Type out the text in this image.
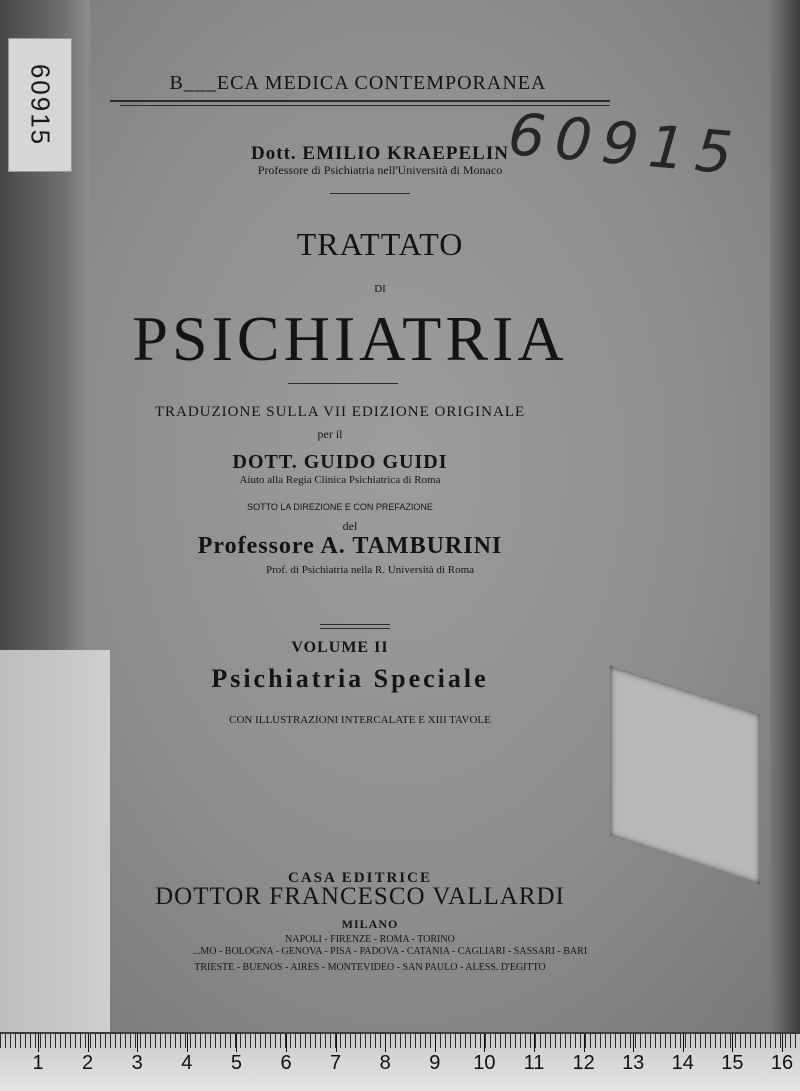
60915	60915
B___ECA MEDICA CONTEMPORANEA
Dott. EMILIO KRAEPELIN
Professore di Psichiatria nell'Università di Monaco
TRATTATO
DI
PSICHIATRIA
TRADUZIONE SULLA VII EDIZIONE ORIGINALE
per il
DOTT. GUIDO GUIDI
Aiuto alla Regia Clinica Psichiatrica di Roma
SOTTO LA DIREZIONE E CON PREFAZIONE
del
Professore A. TAMBURINI
Prof. di Psichiatria nella R. Università di Roma
VOLUME II
Psichiatria Speciale
CON ILLUSTRAZIONI INTERCALATE E XIII TAVOLE
CASA EDITRICE
DOTTOR FRANCESCO VALLARDI
MILANO
NAPOLI - FIRENZE - ROMA - TORINO
...MO - BOLOGNA - GENOVA - PISA - PADOVA - CATANIA - CAGLIARI - SASSARI - BARI
TRIESTE - BUENOS - AIRES - MONTEVIDEO - SAN PAULO - ALESS. D'EGITTO
1 2 3 4 5 6 7 8 9 10 11 12 13 14 15 16
